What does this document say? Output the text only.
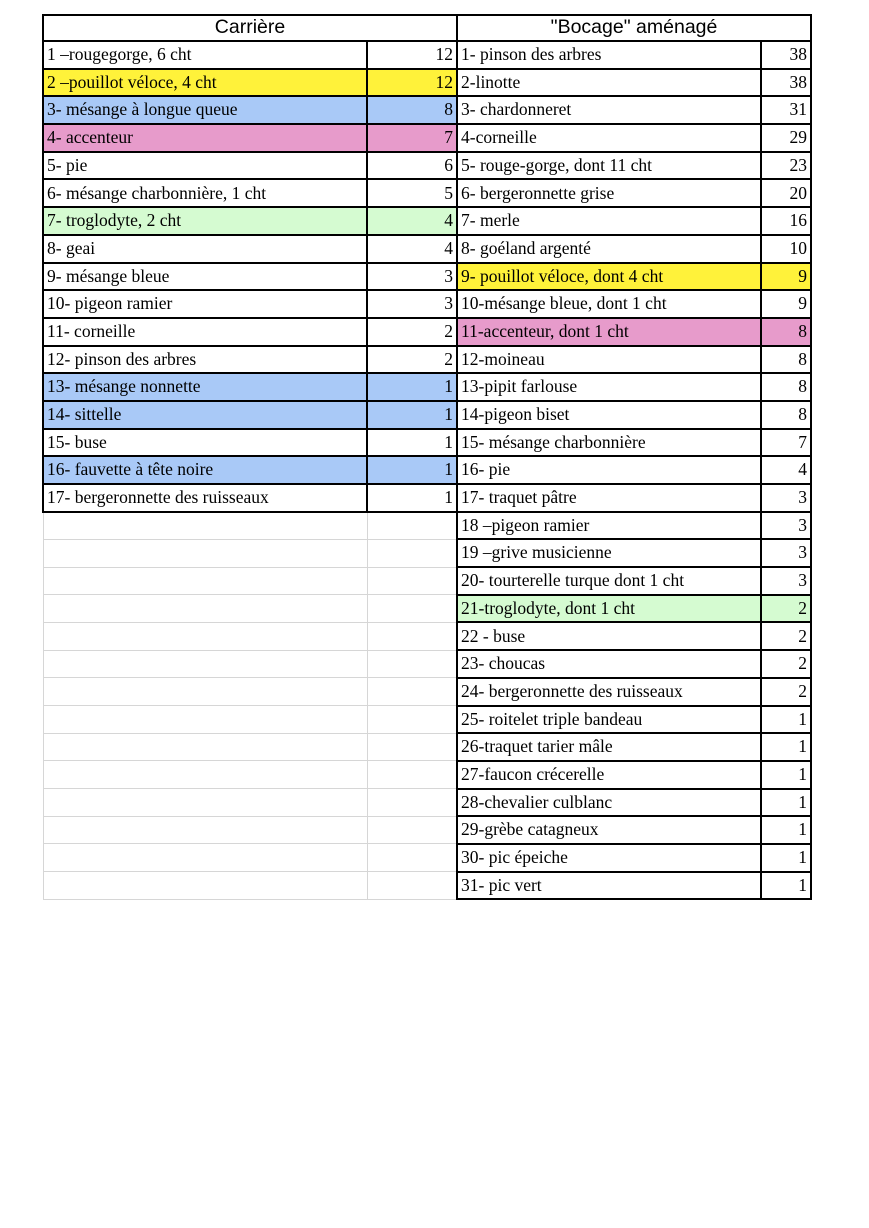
Carrière		"Bocage" aménagé	
1 –rougegorge, 6 cht	12	1- pinson des arbres	38
2 –pouillot véloce, 4 cht	12	2-linotte	38
3- mésange à longue queue	8	3- chardonneret	31
4- accenteur	7	4-corneille	29
5- pie	6	5- rouge-gorge, dont 11 cht	23
6- mésange charbonnière, 1 cht	5	6- bergeronnette grise	20
7- troglodyte, 2 cht	4	7- merle	16
8- geai	4	8- goéland argenté	10
9- mésange bleue	3	9- pouillot véloce, dont 4 cht	9
10- pigeon ramier	3	10-mésange bleue, dont 1 cht	9
11- corneille	2	11-accenteur, dont 1 cht	8
12- pinson des arbres	2	12-moineau	8
13- mésange nonnette	1	13-pipit farlouse	8
14- sittelle	1	14-pigeon biset	8
15- buse	1	15- mésange charbonnière	7
16- fauvette à tête noire	1	16- pie	4
17- bergeronnette des ruisseaux	1	17- traquet pâtre	3
		18 –pigeon ramier	3
		19 –grive musicienne	3
		20- tourterelle turque dont 1 cht	3
		21-troglodyte, dont 1 cht	2
		22 - buse	2
		23- choucas	2
		24- bergeronnette des ruisseaux	2
		25- roitelet triple bandeau	1
		26-traquet tarier mâle	1
		27-faucon crécerelle	1
		28-chevalier culblanc	1
		29-grèbe catagneux	1
		30- pic épeiche	1
		31- pic vert	1
